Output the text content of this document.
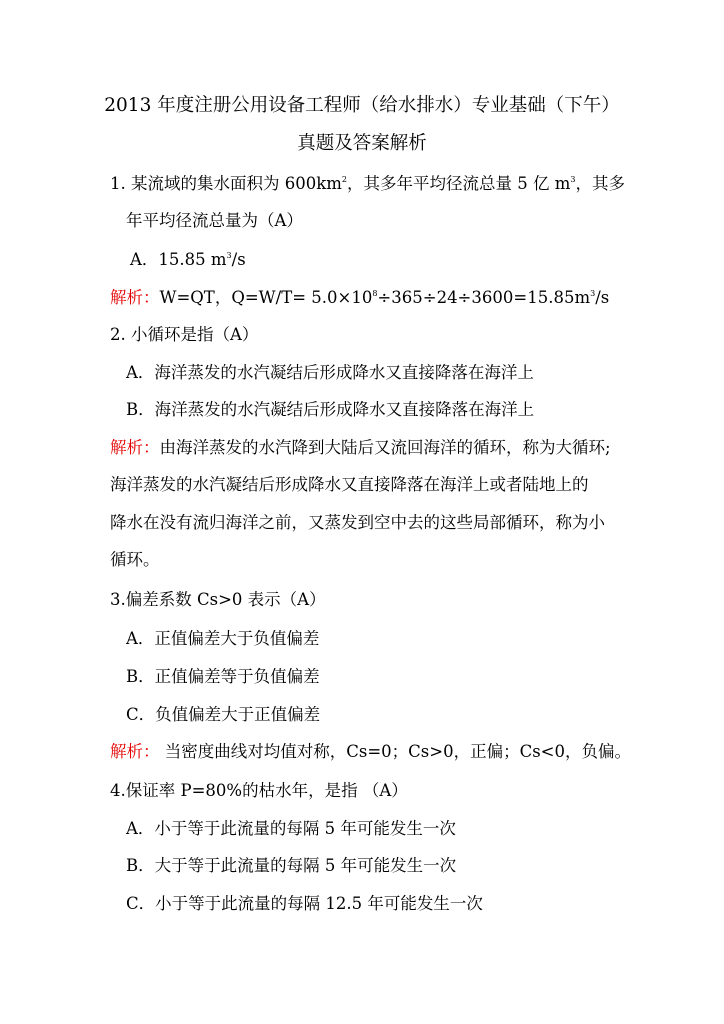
2013 年度注册公用设备工程师（给水排水）专业基础（下午）
真题及答案解析
1. 某流域的集水面积为 $600km^2$，其多年平均径流总量 5 亿 $m^3$，其多
年平均径流总量为（A）
A．15.85 $m^3/s$
解析：W=QT，$Q=W/T= 5.0\times 10^8\div 365\div 24\div 3600=15.85m^3/s$
2. 小循环是指（A）
A．海洋蒸发的水汽凝结后形成降水又直接降落在海洋上
B．海洋蒸发的水汽凝结后形成降水又直接降落在海洋上
解析：由海洋蒸发的水汽降到大陆后又流回海洋的循环，称为大循环;
海洋蒸发的水汽凝结后形成降水又直接降落在海洋上或者陆地上的
降水在没有流归海洋之前，又蒸发到空中去的这些局部循环，称为小
循环。
3.偏差系数 Cs>0 表示（A）
A．正值偏差大于负值偏差
B．正值偏差等于负值偏差
C．负值偏差大于正值偏差
解析： 当密度曲线对均值对称，Cs=0；Cs>0，正偏；Cs<0，负偏。
4.保证率 P=80%的枯水年，是指 （A）
A．小于等于此流量的每隔 5 年可能发生一次
B．大于等于此流量的每隔 5 年可能发生一次
C．小于等于此流量的每隔 12.5 年可能发生一次
